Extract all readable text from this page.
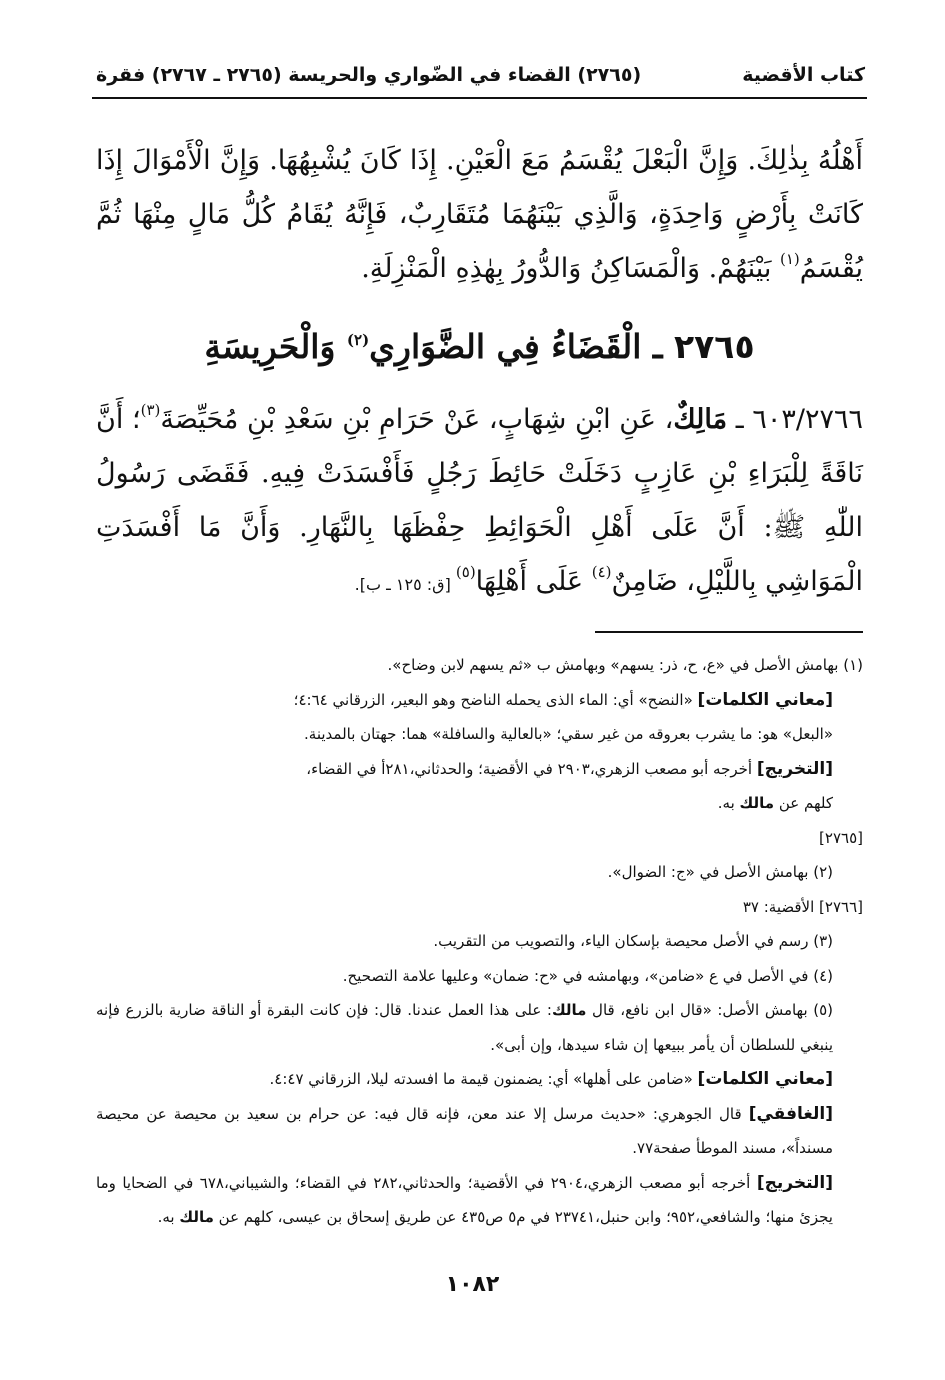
كتاب الأقضية
(٢٧٦٥) القضاء في الضّواري والحريسة (٢٧٦٥ ـ ٢٧٦٧) فقرة
أَهْلُهُ بِذٰلِكَ. وَإِنَّ الْبَعْلَ يُقْسَمُ مَعَ الْعَيْنِ. إِذَا كَانَ يُشْبِهُهَا. وَإِنَّ الْأَمْوَالَ إِذَا كَانَتْ بِأَرْضٍ وَاحِدَةٍ، وَالَّذِي بَيْنَهُمَا مُتَقَارِبٌ، فَإِنَّهُ يُقَامُ كُلُّ مَالٍ مِنْهَا ثُمَّ يُقْسَمُ$^{(١)}$ بَيْنَهُمْ. وَالْمَسَاكِنُ وَالدُّورُ بِهٰذِهِ الْمَنْزِلَةِ.
٢٧٦٥ ـ الْقَضَاءُ فِي الضَّوَارِي$^{(٢)}$ وَالْحَرِيسَةِ
٦٠٣/٢٧٦٦ ـ مَالِكٌ، عَنِ ابْنِ شِهَابٍ، عَنْ حَرَامِ بْنِ سَعْدِ بْنِ مُحَيِّصَةَ$^{(٣)}$؛ أَنَّ نَاقَةً لِلْبَرَاءِ بْنِ عَازِبٍ دَخَلَتْ حَائِطَ رَجُلٍ فَأَفْسَدَتْ فِيهِ. فَقَضَى رَسُولُ اللّٰهِ ﷺ: أَنَّ عَلَى أَهْلِ الْحَوَائِطِ حِفْظَهَا بِالنَّهَارِ. وَأَنَّ مَا أَفْسَدَتِ الْمَوَاشِي بِاللَّيْلِ، ضَامِنٌ$^{(٤)}$ عَلَى أَهْلِهَا$^{(٥)}$ [ق: ١٢٥ ـ ب].
(١) بهامش الأصل في «ع، ح، ذر: يسهم» وبهامش ب «ثم يسهم لابن وضاح».
[معاني الكلمات] «النضح» أي: الماء الذى يحمله الناضح وهو البعير، الزرقاني ٤:٦٤؛
«البعل» هو: ما يشرب بعروقه من غير سقي؛ «بالعالية والسافلة» هما: جهتان بالمدينة.
[التخريج] أخرجه أبو مصعب الزهري،٢٩٠٣ في الأقضية؛ والحدثاني،٢٨١أ في القضاء،
كلهم عن مالك به.
[٢٧٦٥]
(٢) بهامش الأصل في «ج: الضوال».
[٢٧٦٦] الأقضية: ٣٧
(٣) رسم في الأصل محيصة بإسكان الياء، والتصويب من التقريب.
(٤) في الأصل في ع «ضامن»، وبهامشه في «ح: ضمان» وعليها علامة التصحيح.
(٥) بهامش الأصل: «قال ابن نافع، قال مالك: على هذا العمل عندنا. قال: فإن كانت البقرة أو الناقة ضارية بالزرع فإنه ينبغي للسلطان أن يأمر ببيعها إن شاء سيدها، وإن أبى».
[معاني الكلمات] «ضامن على أهلها» أي: يضمنون قيمة ما افسدته ليلا، الزرقاني ٤:٤٧.
[الغافقي] قال الجوهري: «حديث مرسل إلا عند معن، فإنه قال فيه: عن حرام بن سعيد بن محيصة عن محيصة مسنداً»، مسند الموطأ صفحة٧٧.
[التخريج] أخرجه أبو مصعب الزهري،٢٩٠٤ في الأقضية؛ والحدثاني،٢٨٢ في القضاء؛ والشيباني،٦٧٨ في الضحايا وما يجزئ منها؛ والشافعي،٩٥٢؛ وابن حنبل،٢٣٧٤١ في م٥ ص٤٣٥ عن طريق إسحاق بن عيسى، كلهم عن مالك به.
١٠٨٢
